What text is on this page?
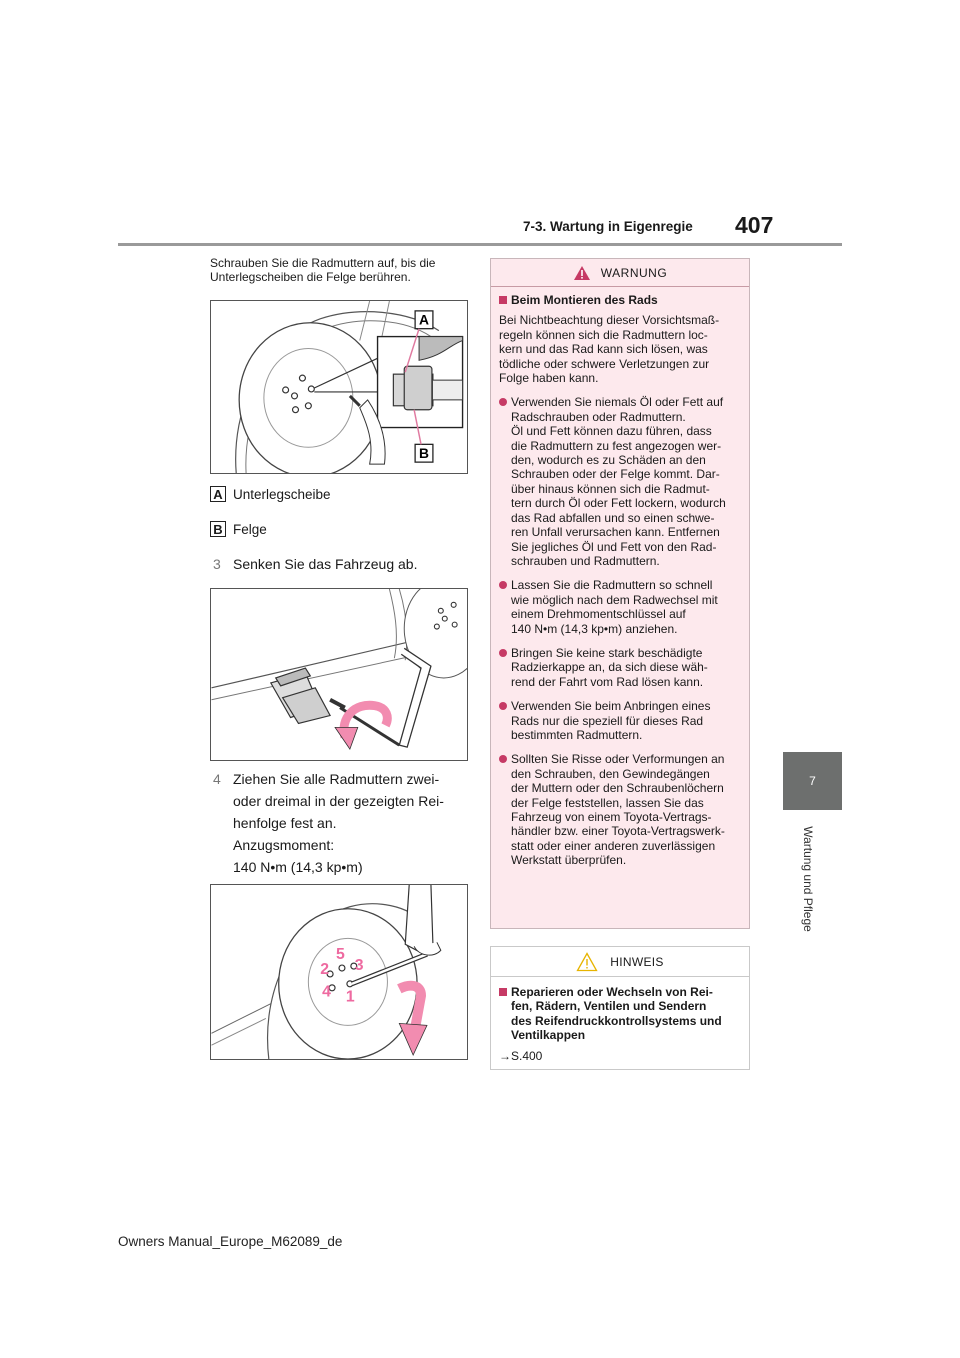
7-3. Wartung in Eigenregie 407
7
Wartung und Pflege
Schrauben Sie die Radmuttern auf, bis die Unterlegscheiben die Felge berühren.
A
B
A Unterlegscheibe
B Felge
3 Senken Sie das Fahrzeug ab.
4 Ziehen Sie alle Radmuttern zwei-
oder dreimal in der gezeigten Rei-
henfolge fest an.
Anzugsmoment:
140 N•m (14,3 kp•m)
1
2 3
4
5
WARNUNG
Beim Montieren des Rads
Bei Nichtbeachtung dieser Vorsichtsmaß-
regeln können sich die Radmuttern loc-
kern und das Rad kann sich lösen, was
tödliche oder schwere Verletzungen zur
Folge haben kann.
Verwenden Sie niemals Öl oder Fett auf
Radschrauben oder Radmuttern.
Öl und Fett können dazu führen, dass
die Radmuttern zu fest angezogen wer-
den, wodurch es zu Schäden an den
Schrauben oder der Felge kommt. Dar-
über hinaus können sich die Radmut-
tern durch Öl oder Fett lockern, wodurch
das Rad abfallen und so einen schwe-
ren Unfall verursachen kann. Entfernen
Sie jegliches Öl und Fett von den Rad-
schrauben und Radmuttern.
Lassen Sie die Radmuttern so schnell
wie möglich nach dem Radwechsel mit
einem Drehmomentschlüssel auf
140 N•m (14,3 kp•m) anziehen.
Bringen Sie keine stark beschädigte
Radzierkappe an, da sich diese wäh-
rend der Fahrt vom Rad lösen kann.
Verwenden Sie beim Anbringen eines
Rads nur die speziell für dieses Rad
bestimmten Radmuttern.
Sollten Sie Risse oder Verformungen an
den Schrauben, den Gewindegängen
der Muttern oder den Schraubenlöchern
der Felge feststellen, lassen Sie das
Fahrzeug von einem Toyota-Vertrags-
händler bzw. einer Toyota-Vertragswerk-
statt oder einer anderen zuverlässigen
Werkstatt überprüfen.
HINWEIS
Reparieren oder Wechseln von Rei-
fen, Rädern, Ventilen und Sendern
des Reifendruckkontrollsystems und
Ventilkappen
→S.400
Owners Manual_Europe_M62089_de
